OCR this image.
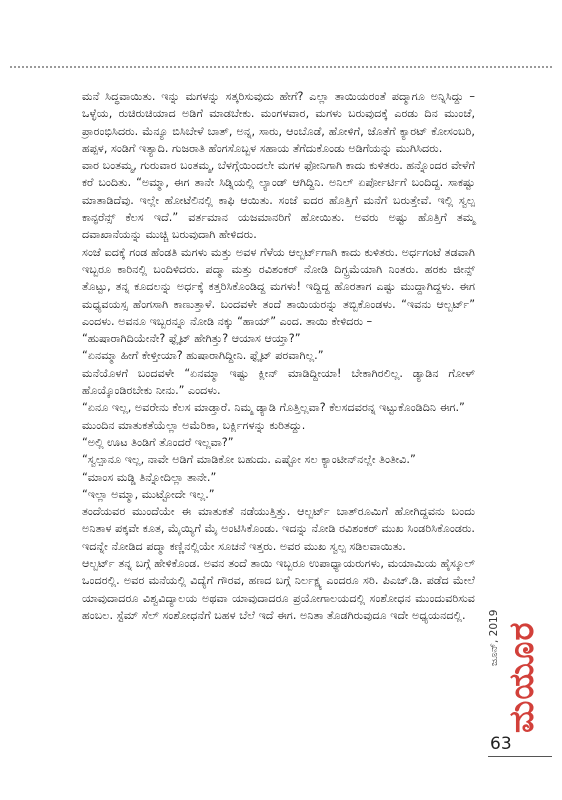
ಮನೆ ಸಿದ್ಧವಾಯಿತು. ಇನ್ನು ಮಗಳನ್ನು ಸತ್ಕರಿಸುವುದು ಹೇಗೆ? ಎಲ್ಲಾ ತಾಯಿಯರಂತೆ ಪದ್ಮಾಗೂ ಅನ್ನಿಸಿದ್ದು – ಒಳ್ಳೆಯ, ರುಚಿರುಚಿಯಾದ ಅಡಿಗೆ ಮಾಡಬೇಕು. ಮಂಗಳವಾರ, ಮಗಳು ಬರುವುದಕ್ಕೆ ಎರಡು ದಿನ ಮುಂಚೆ, ಪ್ರಾರಂಭಿಸಿದರು. ಮೆನ್ಯೂ ಬಿಸಿಬೇಳೆ ಬಾತ್, ಅನ್ನ, ಸಾರು, ಆಂಬೊಡೆ, ಹೋಳಿಗೆ, ಜೊತೆಗೆ ಕ್ಯಾರಟ್ ಕೋಸಂಬರಿ, ಹಪ್ಪಳ, ಸಂಡಿಗೆ ಇತ್ಯಾದಿ. ಗುಜರಾತಿ ಹೆಂಗಸೊಬ್ಬಳ ಸಹಾಯ ತೆಗೆದುಕೊಂಡು ಅಡಿಗೆಯನ್ನು ಮುಗಿಸಿದರು.

ವಾರ ಬಂತಮ್ಮ, ಗುರುವಾರ ಬಂತಮ್ಮ, ಬೆಳಗ್ಗೆಯಿಂದಲೇ ಮಗಳ ಫೋನಿಗಾಗಿ ಕಾದು ಕುಳಿತರು. ಹನ್ನೊಂದರ ವೇಳೆಗೆ ಕರೆ ಬಂದಿತು. “ಅಮ್ಮಾ, ಈಗ ತಾನೇ ಸಿಡ್ನಿಯಲ್ಲಿ ಲ್ಯಾಂಡ್ ಆಗಿದ್ದಿನಿ. ಅನಿಲ್ ಏರ್ಪೋರ್ಟಿಗೆ ಬಂದಿದ್ದ. ಸಾಕಷ್ಟು ಮಾತಾಡಿದೆವು. ಇಲ್ಲೇ ಹೋಟೆಲಿನಲ್ಲಿ ಕಾಫಿ ಆಯಿತು. ಸಂಜೆ ಐದರ ಹೊತ್ತಿಗೆ ಮನೆಗೆ ಬರುತ್ತೇವೆ. ಇಲ್ಲಿ ಸ್ವಲ್ಪ ಕಾನ್ಫರೆನ್ಸ್ ಕೆಲಸ ಇದೆ.” ವರ್ತಮಾನ ಯಜಮಾನರಿಗೆ ಹೋಯಿತು. ಅವರು ಅಷ್ಟು ಹೊತ್ತಿಗೆ ತಮ್ಮ ದವಾಖಾನೆಯನ್ನು ಮುಚ್ಚಿ ಬರುವುದಾಗಿ ಹೇಳಿದರು.

ಸಂಜೆ ಐದಕ್ಕೆ ಗಂಡ ಹೆಂಡತಿ ಮಗಳು ಮತ್ತು ಅವಳ ಗೆಳೆಯ ಆಲ್ಬರ್ಟ್‌ಗಾಗಿ ಕಾದು ಕುಳಿತರು. ಅರ್ಧಗಂಟೆ ತಡವಾಗಿ ಇಬ್ಬರೂ ಕಾರಿನಲ್ಲಿ ಬಂದಿಳಿದರು. ಪದ್ಮಾ ಮತ್ತು ರವಿಶಂಕರ್ ನೋಡಿ ದಿಗ್ಭ್ರಮೆಯಾಗಿ ನಿಂತರು. ಹರಕು ಜೀನ್ಸ್ ತೊಟ್ಟು, ತನ್ನ ಕೂದಲನ್ನು ಅರ್ಧಕ್ಕೆ ಕತ್ತರಿಸಿಕೊಂಡಿದ್ದ ಮಗಳು! ಇದ್ದಿದ್ದ ಹೊರತಾಗ ಎಷ್ಟು ಮುದ್ದಾಗಿದ್ದಳು. ಈಗ ಮಧ್ಯವಯಸ್ಸ ಹೆಂಗಸಾಗಿ ಕಾಣುತ್ತಾಳೆ. ಬಂದವಳೇ ತಂದೆ ತಾಯಿಯರನ್ನು ತಬ್ಬಿಕೊಂಡಳು. “ಇವನು ಆಲ್ಬರ್ಟ್” ಎಂದಳು. ಅವನೂ ಇಬ್ಬರನ್ನೂ ನೋಡಿ ನಕ್ಕು “ಹಾಯ್” ಎಂದ. ತಾಯಿ ಕೇಳಿದರು –

“ಹುಷಾರಾಗಿದಿಯೇನೇ? ಫ್ಲೈಟ್ ಹೇಗಿತ್ತು? ಆಯಾಸ ಆಯ್ತಾ?”

“ಏನಮ್ಮಾ ಹೀಗೆ ಕೇಳ್ತೀಯಾ? ಹುಷಾರಾಗಿದ್ದೀನಿ. ಫ್ಲೈಟ್ ಪರವಾಗಿಲ್ಲ.”

ಮನೆಯೊಳಗೆ ಬಂದವಳೇ “ಏನಮ್ಮಾ ಇಷ್ಟು ಕ್ಲೀನ್ ಮಾಡಿದ್ದೀಯಾ! ಬೇಕಾಗಿರಲಿಲ್ಲ. ಡ್ಯಾಡಿನ ಗೋಳ್ ಹೊಯ್ಕೊಂಡಿರಬೇಕು ನೀನು.” ಎಂದಳು.

“ಏನೂ ಇಲ್ಲ, ಅವರೇನು ಕೆಲಸ ಮಾಡ್ತಾರೆ. ನಿಮ್ಮ ಡ್ಯಾಡಿ ಗೊತ್ತಿಲ್ಲವಾ? ಕೆಲಸದವರನ್ನ ಇಟ್ಟುಕೊಂಡಿದಿನಿ ಈಗ.”

ಮುಂದಿನ ಮಾತುಕತೆಯೆಲ್ಲಾ ಅಮೆರಿಕಾ, ಬರ್ಕ್ಲಿಗಳನ್ನು ಕುರಿತದ್ದು.

“ಅಲ್ಲಿ ಊಟ ತಿಂಡಿಗೆ ತೊಂದರೆ ಇಲ್ಲವಾ?”

“ಸ್ವಲ್ಪಾನೂ ಇಲ್ಲ, ನಾವೇ ಅಡಿಗೆ ಮಾಡಿಕೋ ಬಹುದು. ಎಷ್ಟೋ ಸಲ ಕ್ಯಾಂಟೀನ್‌ನಲ್ಲೇ ತಿಂತೀವಿ.”

“ಮಾಂಸ ಮಡ್ಡಿ ತಿನ್ನೋದಿಲ್ಲಾ ತಾನೇ.”

“ಇಲ್ಲಾ ಅಮ್ಮಾ, ಮುಟ್ಟೋದೇ ಇಲ್ಲ.”

ತಂದೆಯವರ ಮುಂದೆಯೇ ಈ ಮಾತುಕತೆ ನಡೆಯುತ್ತಿತ್ತು. ಆಲ್ಬರ್ಟ್ ಬಾತ್‌ರೂಮಿಗೆ ಹೋಗಿದ್ದವನು ಬಂದು ಅನಿತಾಳ ಪಕ್ಕವೇ ಕೂತ, ಮೈಯ್ಯಿಗೆ ಮೈ ಅಂಟಿಸಿಕೊಂಡು. ಇದನ್ನು ನೋಡಿ ರವಿಶಂಕರ್ ಮುಖ ಸಿಂಡರಿಸಿಕೊಂಡರು. ಇದನ್ನೇ ನೋಡಿದ ಪದ್ಮಾ ಕಣ್ಣಿನಲ್ಲಿಯೇ ಸೂಚನೆ ಇತ್ತರು. ಅವರ ಮುಖ ಸ್ವಲ್ಪ ಸಡಿಲವಾಯಿತು.

ಆಲ್ಬರ್ಟ್ ತನ್ನ ಬಗ್ಗೆ ಹೇಳಿಕೊಂಡ. ಅವನ ತಂದೆ ತಾಯಿ ಇಬ್ಬರೂ ಉಪಾಧ್ಯಾಯರುಗಳು, ಮಯಾಮಿಯ ಹೈಸ್ಕೂಲ್ ಒಂದರಲ್ಲಿ. ಅವರ ಮನೆಯಲ್ಲಿ ವಿದ್ಯೆಗೆ ಗೌರವ, ಹಣದ ಬಗ್ಗೆ ನಿರ್ಲಕ್ಷ್ಯ ಎಂದರೂ ಸರಿ. ಪಿಎಚ್.ಡಿ. ಪಡೆದ ಮೇಲೆ ಯಾವುದಾದರೂ ವಿಶ್ವವಿದ್ಯಾಲಯ ಅಥವಾ ಯಾವುದಾದರೂ ಪ್ರಯೋಗಾಲಯದಲ್ಲಿ ಸಂಶೋಧನ ಮುಂದುವರಿಸುವ ಹಂಬಲ. ಸ್ಟೆಮ್ ಸೆಲ್ ಸಂಶೋಧನೆಗೆ ಬಹಳ ಬೆಲೆ ಇದೆ ಈಗ. ಅನಿತಾ ತೊಡಗಿರುವುದೂ ಇದೇ ಅಧ್ಯಯನದಲ್ಲಿ.	ಜೂನ್, 2019 ಮಯೂರ
63
